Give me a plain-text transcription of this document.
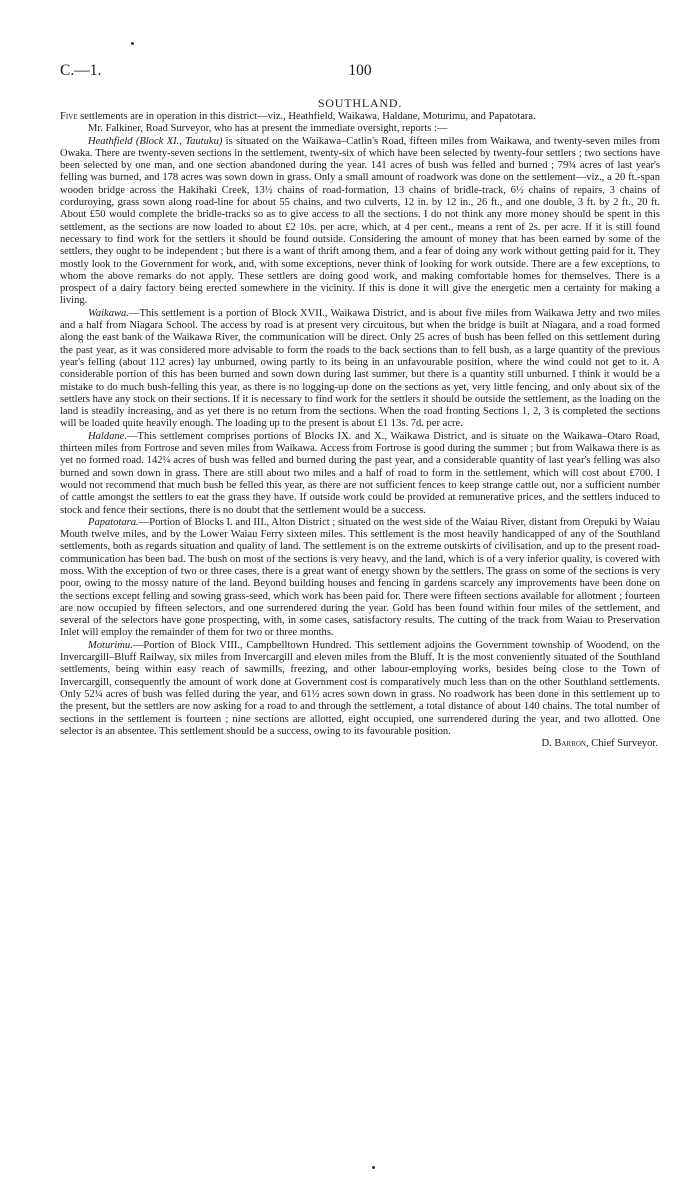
C.—1.	100
SOUTHLAND.

Five settlements are in operation in this district—viz., Heathfield, Waikawa, Haldane, Moturimu, and Papatotara.

Mr. Falkiner, Road Surveyor, who has at present the immediate oversight, reports :—

Heathfield (Block XI., Tautuku) is situated on the Waikawa–Catlin's Road, fifteen miles from Waikawa, and twenty-seven miles from Owaka. There are twenty-seven sections in the settlement, twenty-six of which have been selected by twenty-four settlers ; two sections have been selected by one man, and one section abandoned during the year. 141 acres of bush was felled and burned ; 79¾ acres of last year's felling was burned, and 178 acres was sown down in grass. Only a small amount of roadwork was done on the settlement—viz., a 20 ft.-span wooden bridge across the Hakihaki Creek, 13½ chains of road-formation, 13 chains of bridle-track, 6½ chains of repairs, 3 chains of corduroying, grass sown along road-line for about 55 chains, and two culverts, 12 in. by 12 in., 26 ft., and one double, 3 ft. by 2 ft., 20 ft. About £50 would complete the bridle-tracks so as to give access to all the sections. I do not think any more money should be spent in this settlement, as the sections are now loaded to about £2 10s. per acre, which, at 4 per cent., means a rent of 2s. per acre. If it is still found necessary to find work for the settlers it should be found outside. Considering the amount of money that has been earned by some of the settlers, they ought to be independent ; but there is a want of thrift among them, and a fear of doing any work without getting paid for it. They mostly look to the Government for work, and, with some exceptions, never think of looking for work outside. There are a few exceptions, to whom the above remarks do not apply. These settlers are doing good work, and making comfortable homes for themselves. There is a prospect of a dairy factory being erected somewhere in the vicinity. If this is done it will give the energetic men a certainty for making a living.

Waikawa.—This settlement is a portion of Block XVII., Waikawa District, and is about five miles from Waikawa Jetty and two miles and a half from Niagara School. The access by road is at present very circuitous, but when the bridge is built at Niagara, and a road formed along the east bank of the Waikawa River, the communication will be direct. Only 25 acres of bush has been felled on this settlement during the past year, as it was considered more advisable to form the roads to the back sections than to fell bush, as a large quantity of the previous year's felling (about 112 acres) lay unburned, owing partly to its being in an unfavourable position, where the wind could not get to it. A considerable portion of this has been burned and sown down during last summer, but there is a quantity still unburned. I think it would be a mistake to do much bush-felling this year, as there is no logging-up done on the sections as yet, very little fencing, and only about six of the settlers have any stock on their sections. If it is necessary to find work for the settlers it should be outside the settlement, as the loading on the land is steadily increasing, and as yet there is no return from the sections. When the road fronting Sections 1, 2, 3 is completed the sections will be loaded quite heavily enough. The loading up to the present is about £1 13s. 7d. per acre.

Haldane.—This settlement comprises portions of Blocks IX. and X., Waikawa District, and is situate on the Waikawa–Otaro Road, thirteen miles from Fortrose and seven miles from Waikawa. Access from Fortrose is good during the summer ; but from Waikawa there is as yet no formed road. 142¼ acres of bush was felled and burned during the past year, and a considerable quantity of last year's felling was also burned and sown down in grass. There are still about two miles and a half of road to form in the settlement, which will cost about £700. I would not recommend that much bush be felled this year, as there are not sufficient fences to keep strange cattle out, nor a sufficient number of cattle amongst the settlers to eat the grass they have. If outside work could be provided at remunerative prices, and the settlers induced to stock and fence their sections, there is no doubt that the settlement would be a success.

Papatotara.—Portion of Blocks I. and III., Alton District ; situated on the west side of the Waiau River, distant from Orepuki by Waiau Mouth twelve miles, and by the Lower Waiau Ferry sixteen miles. This settlement is the most heavily handicapped of any of the Southland settlements, both as regards situation and quality of land. The settlement is on the extreme outskirts of civilisation, and up to the present road-communication has been bad. The bush on most of the sections is very heavy, and the land, which is of a very inferior quality, is covered with moss. With the exception of two or three cases, there is a great want of energy shown by the settlers. The grass on some of the sections is very poor, owing to the mossy nature of the land. Beyond building houses and fencing in gardens scarcely any improvements have been done on the sections except felling and sowing grass-seed, which work has been paid for. There were fifteen sections available for allotment ; fourteen are now occupied by fifteen selectors, and one surrendered during the year. Gold has been found within four miles of the settlement, and several of the selectors have gone prospecting, with, in some cases, satisfactory results. The cutting of the track from Waiau to Preservation Inlet will employ the remainder of them for two or three months.

Moturimu.—Portion of Block VIII., Campbelltown Hundred. This settlement adjoins the Government township of Woodend, on the Invercargill–Bluff Railway, six miles from Invercargill and eleven miles from the Bluff. It is the most conveniently situated of the Southland settlements, being within easy reach of sawmills, freezing, and other labour-employing works, besides being close to the Town of Invercargill, consequently the amount of work done at Government cost is comparatively much less than on the other Southland settlements. Only 52¼ acres of bush was felled during the year, and 61½ acres sown down in grass. No roadwork has been done in this settlement up to the present, but the settlers are now asking for a road to and through the settlement, a total distance of about 140 chains. The total number of sections in the settlement is fourteen ; nine sections are allotted, eight occupied, one surrendered during the year, and two allotted. One selector is an absentee. This settlement should be a success, owing to its favourable position.

D. Barron, Chief Surveyor.
